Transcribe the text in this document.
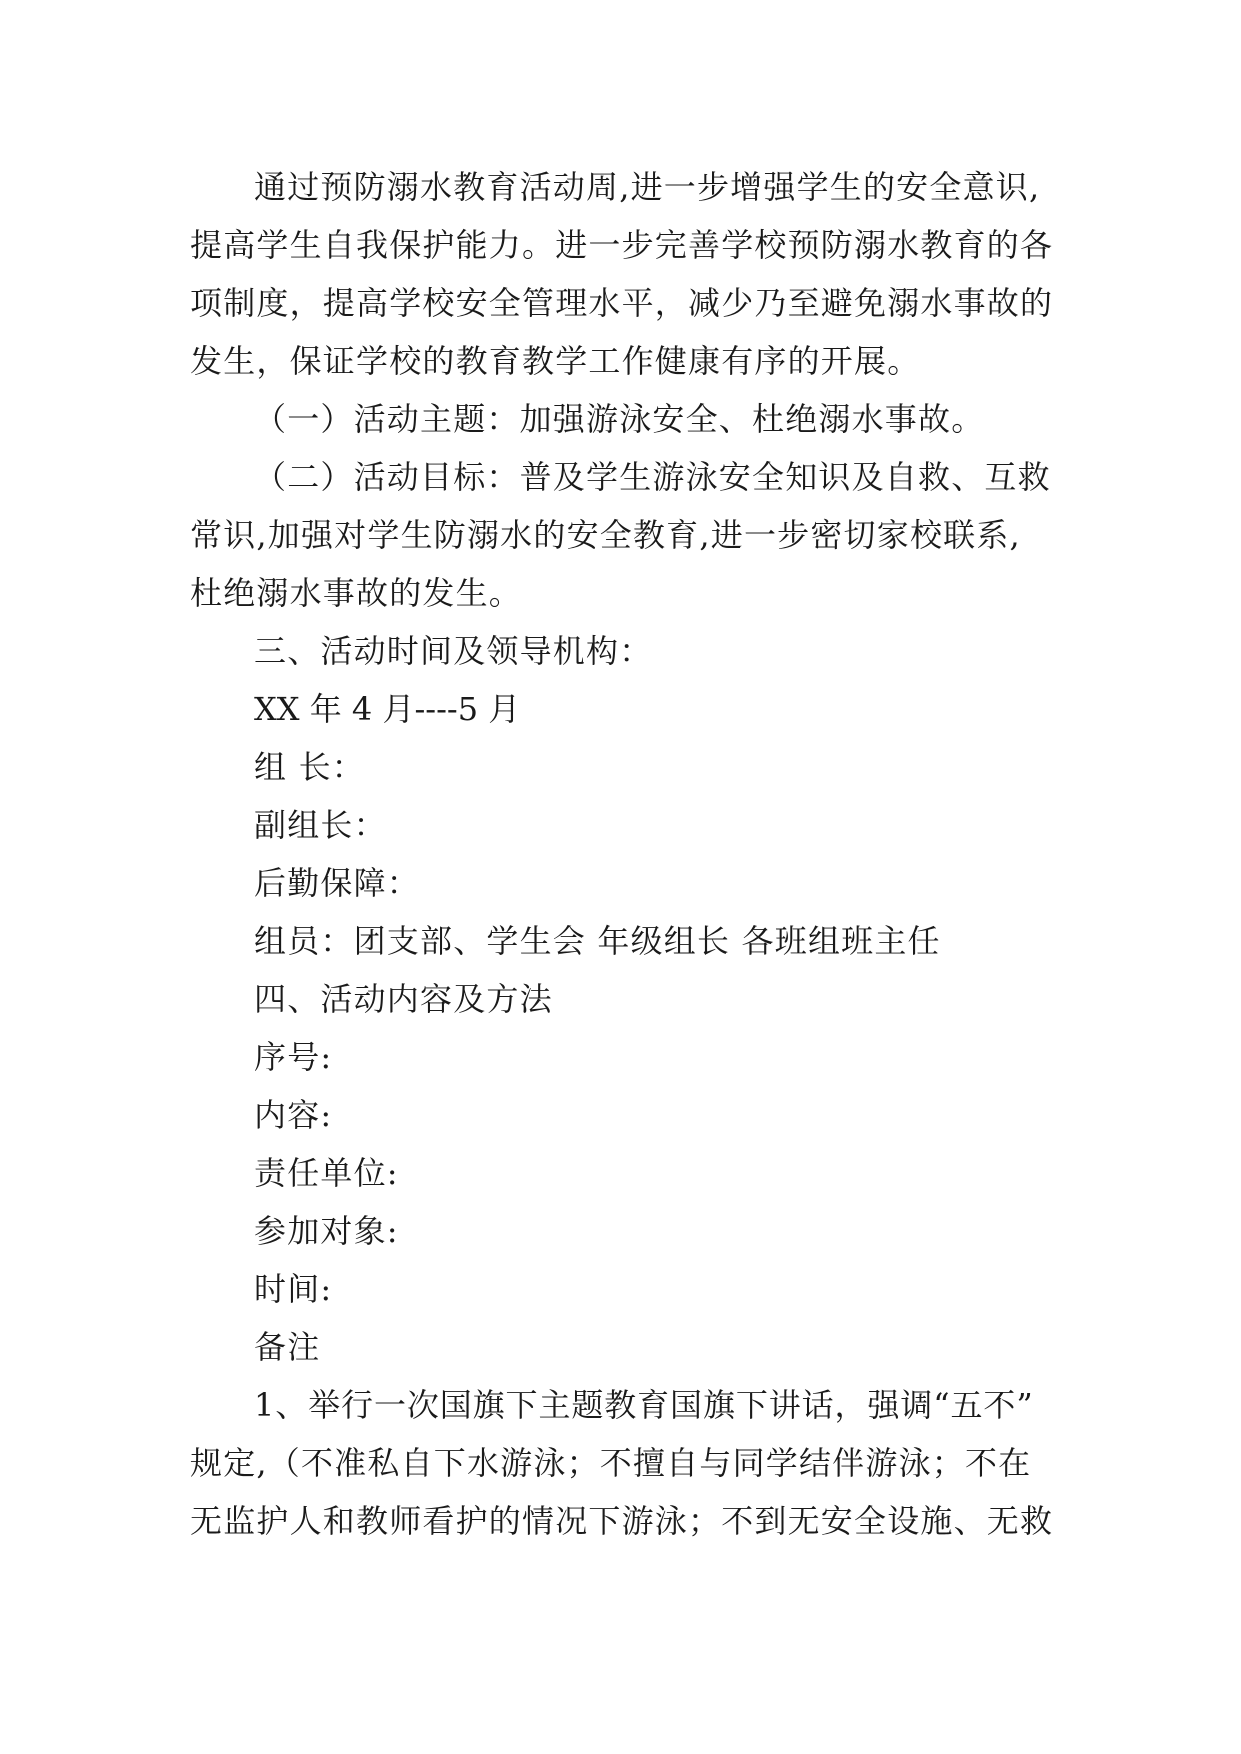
通过预防溺水教育活动周,进一步增强学生的安全意识,
提高学生自我保护能力。进一步完善学校预防溺水教育的各
项制度，提高学校安全管理水平，减少乃至避免溺水事故的
发生，保证学校的教育教学工作健康有序的开展。
（一）活动主题：加强游泳安全、杜绝溺水事故。
（二）活动目标：普及学生游泳安全知识及自救、互救
常识,加强对学生防溺水的安全教育,进一步密切家校联系,
杜绝溺水事故的发生。
三、活动时间及领导机构：
XX 年 4 月----5 月
组 长：
副组长：
后勤保障：
组员：团支部、学生会 年级组长 各班组班主任
四、活动内容及方法
序号:
内容:
责任单位:
参加对象:
时间:
备注
1、举行一次国旗下主题教育国旗下讲话，强调“五不”
规定,（不准私自下水游泳；不擅自与同学结伴游泳；不在
无监护人和教师看护的情况下游泳；不到无安全设施、无救
